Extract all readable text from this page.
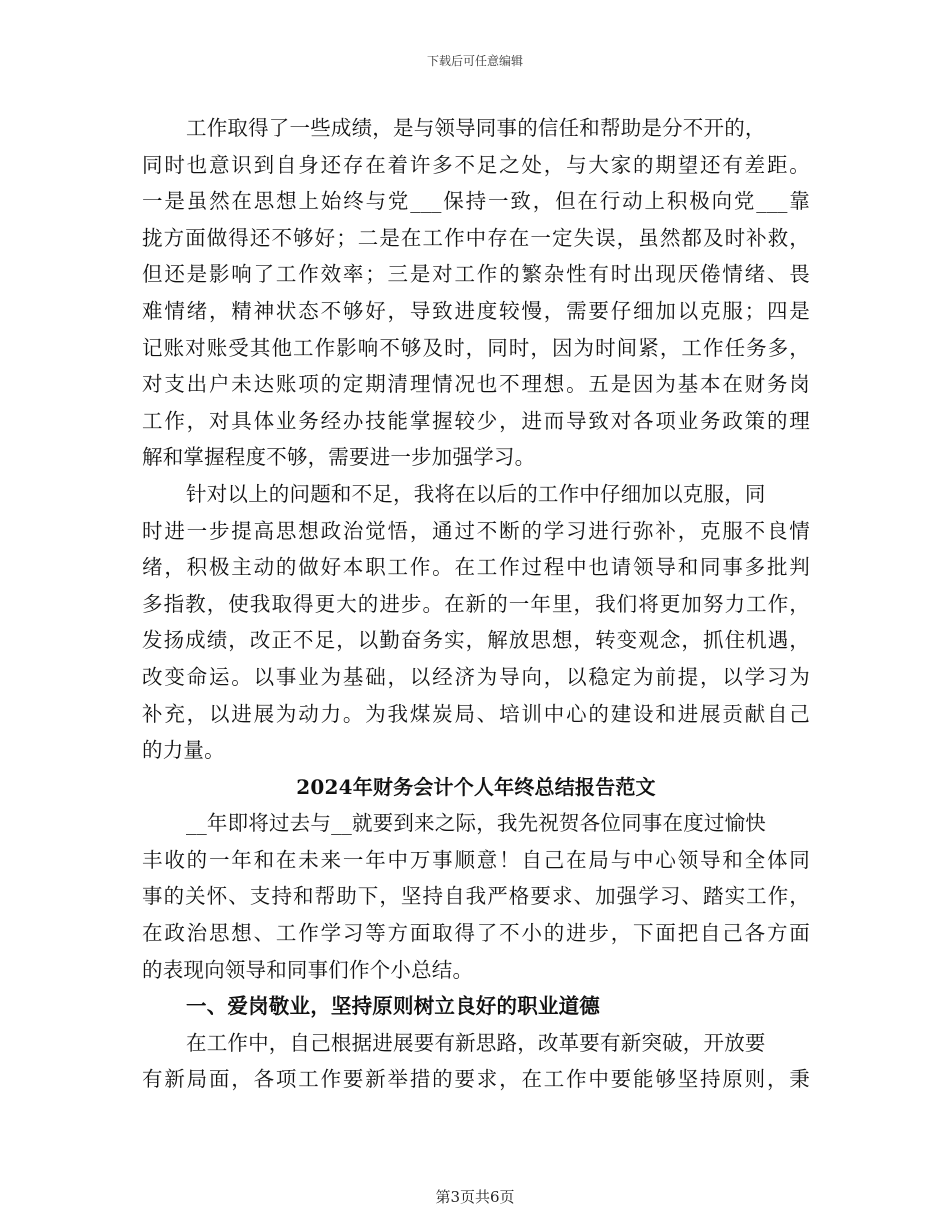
下载后可任意编辑
工作取得了一些成绩，是与领导同事的信任和帮助是分不开的，
同时也意识到自身还存在着许多不足之处，与大家的期望还有差距。
一是虽然在思想上始终与党___保持一致，但在行动上积极向党___靠
拢方面做得还不够好；二是在工作中存在一定失误，虽然都及时补救，
但还是影响了工作效率；三是对工作的繁杂性有时出现厌倦情绪、畏
难情绪，精神状态不够好，导致进度较慢，需要仔细加以克服；四是
记账对账受其他工作影响不够及时，同时，因为时间紧，工作任务多，
对支出户未达账项的定期清理情况也不理想。五是因为基本在财务岗
工作，对具体业务经办技能掌握较少，进而导致对各项业务政策的理
解和掌握程度不够，需要进一步加强学习。
针对以上的问题和不足，我将在以后的工作中仔细加以克服，同
时进一步提高思想政治觉悟，通过不断的学习进行弥补，克服不良情
绪，积极主动的做好本职工作。在工作过程中也请领导和同事多批判
多指教，使我取得更大的进步。在新的一年里，我们将更加努力工作，
发扬成绩，改正不足，以勤奋务实，解放思想，转变观念，抓住机遇，
改变命运。以事业为基础，以经济为导向，以稳定为前提，以学习为
补充，以进展为动力。为我煤炭局、培训中心的建设和进展贡献自己
的力量。
2024年财务会计个人年终总结报告范文
__年即将过去与__就要到来之际，我先祝贺各位同事在度过愉快
丰收的一年和在未来一年中万事顺意！自己在局与中心领导和全体同
事的关怀、支持和帮助下，坚持自我严格要求、加强学习、踏实工作，
在政治思想、工作学习等方面取得了不小的进步，下面把自己各方面
的表现向领导和同事们作个小总结。
一、爱岗敬业，坚持原则树立良好的职业道德
在工作中，自己根据进展要有新思路，改革要有新突破，开放要
有新局面，各项工作要新举措的要求，在工作中要能够坚持原则，秉
第3页共6页
